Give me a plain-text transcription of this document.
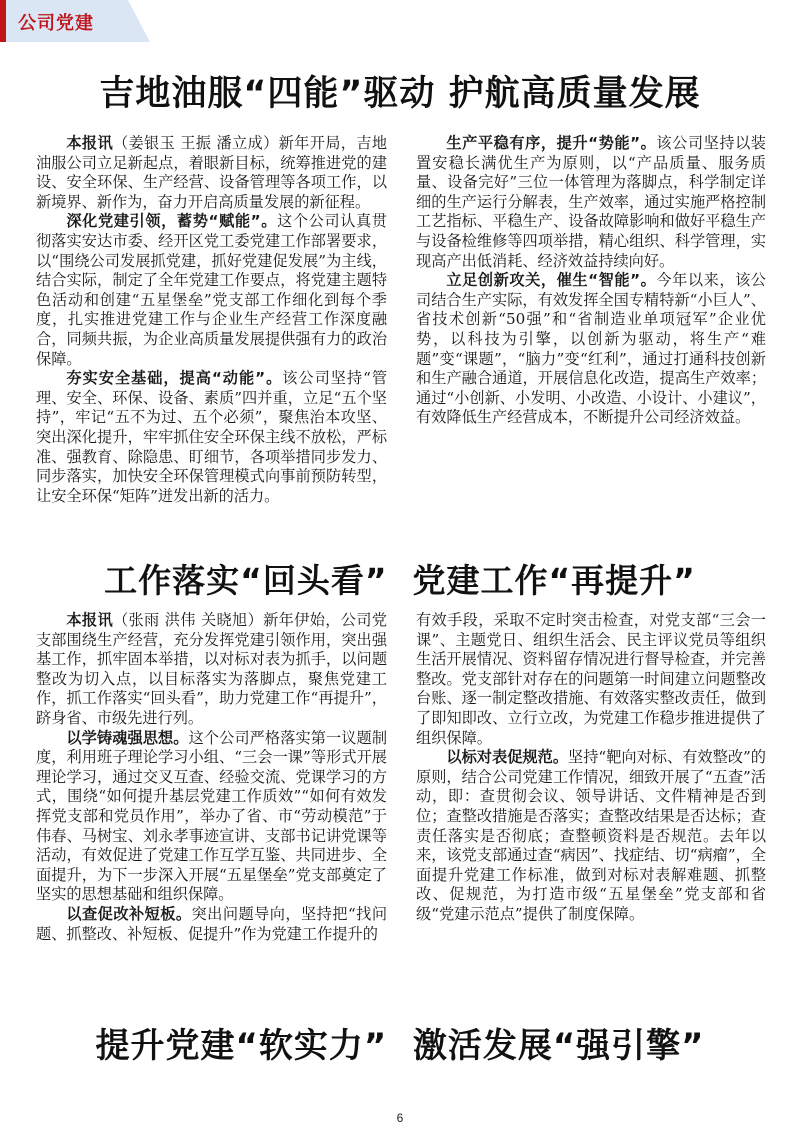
公司党建
吉地油服“四能”驱动 护航高质量发展

本报讯（姜银玉 王振 潘立成）新年开局，吉地油服公司立足新起点，着眼新目标，统筹推进党的建设、安全环保、生产经营、设备管理等各项工作，以新境界、新作为，奋力开启高质量发展的新征程。

深化党建引领，蓄势“赋能”。这个公司认真贯彻落实安达市委、经开区党工委党建工作部署要求，以“围绕公司发展抓党建，抓好党建促发展”为主线，结合实际，制定了全年党建工作要点，将党建主题特色活动和创建“五星堡垒”党支部工作细化到每个季度，扎实推进党建工作与企业生产经营工作深度融合，同频共振，为企业高质量发展提供强有力的政治保障。

夯实安全基础，提高“动能”。该公司坚持“管理、安全、环保、设备、素质”四并重，立足“五个坚持”，牢记“五不为过、五个必须”，聚焦治本攻坚、突出深化提升，牢牢抓住安全环保主线不放松，严标准、强教育、除隐患、盯细节，各项举措同步发力、同步落实，加快安全环保管理模式向事前预防转型，让安全环保“矩阵”迸发出新的活力。

生产平稳有序，提升“势能”。该公司坚持以装置安稳长满优生产为原则，以“产品质量、服务质量、设备完好”三位一体管理为落脚点，科学制定详细的生产运行分解表，生产效率，通过实施严格控制工艺指标、平稳生产、设备故障影响和做好平稳生产与设备检维修等四项举措，精心组织、科学管理，实现高产出低消耗、经济效益持续向好。

立足创新攻关，催生“智能”。今年以来，该公司结合生产实际，有效发挥全国专精特新“小巨人”、省技术创新“50强”和“省制造业单项冠军”企业优势，以科技为引擎，以创新为驱动，将生产“难题”变“课题”，“脑力”变“红利”，通过打通科技创新和生产融合通道，开展信息化改造，提高生产效率；通过“小创新、小发明、小改造、小设计、小建议”，有效降低生产经营成本，不断提升公司经济效益。

工作落实“回头看”  党建工作“再提升”

本报讯（张雨 洪伟 关晓旭）新年伊始，公司党支部围绕生产经营，充分发挥党建引领作用，突出强基工作，抓牢固本举措，以对标对表为抓手，以问题整改为切入点，以目标落实为落脚点，聚焦党建工作，抓工作落实“回头看”，助力党建工作“再提升”，跻身省、市级先进行列。

以学铸魂强思想。这个公司严格落实第一议题制度，利用班子理论学习小组、“三会一课”等形式开展理论学习，通过交叉互查、经验交流、党课学习的方式，围绕“如何提升基层党建工作质效”“如何有效发挥党支部和党员作用”，举办了省、市“劳动模范”于伟春、马树宝、刘永孝事迹宣讲、支部书记讲党课等活动，有效促进了党建工作互学互鉴、共同进步、全面提升，为下一步深入开展“五星堡垒”党支部奠定了坚实的思想基础和组织保障。

以查促改补短板。突出问题导向，坚持把“找问题、抓整改、补短板、促提升”作为党建工作提升的

有效手段，采取不定时突击检查，对党支部“三会一课”、主题党日、组织生活会、民主评议党员等组织生活开展情况、资料留存情况进行督导检查，并完善整改。党支部针对存在的问题第一时间建立问题整改台账、逐一制定整改措施、有效落实整改责任，做到了即知即改、立行立改，为党建工作稳步推进提供了组织保障。

以标对表促规范。坚持“靶向对标、有效整改”的原则，结合公司党建工作情况，细致开展了“五查”活动，即：查贯彻会议、领导讲话、文件精神是否到位；查整改措施是否落实；查整改结果是否达标；查责任落实是否彻底；查整顿资料是否规范。去年以来，该党支部通过查“病因”、找症结、切“病瘤”，全面提升党建工作标准，做到对标对表解难题、抓整改、促规范，为打造市级“五星堡垒”党支部和省级“党建示范点”提供了制度保障。

提升党建“软实力”  激活发展“强引擎”
6
